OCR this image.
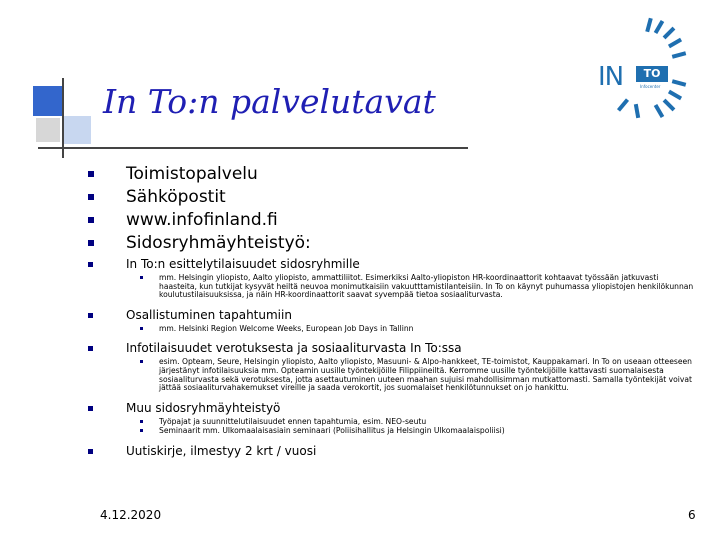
In To:n palvelutavat
IN	TO
Infocenter
Toimistopalvelu
Sähköpostit
www.infofinland.fi
Sidosryhmäyhteistyö:
In To:n esittelytilaisuudet sidosryhmille
mm. Helsingin yliopisto, Aalto yliopisto, ammattiliitot. Esimerkiksi Aalto-yliopiston HR-koordinaattorit kohtaavat työssään jatkuvasti haasteita, kun tutkijat kysyvät heiltä neuvoa monimutkaisiin vakuutttamistilanteisiin. In To on käynyt puhumassa yliopistojen henkilökunnan koulutustilaisuuksissa, ja näin HR-koordinaattorit saavat syvempää tietoa sosiaaliturvasta.
Osallistuminen tapahtumiin
mm. Helsinki Region Welcome Weeks, European Job Days in Tallinn
Infotilaisuudet verotuksesta ja sosiaaliturvasta In To:ssa
esim. Opteam, Seure, Helsingin yliopisto, Aalto yliopisto, Masuuni- & Alpo-hankkeet, TE-toimistot, Kauppakamari. In To on useaan otteeseen järjestänyt infotilaisuuksia mm. Opteamin uusille työntekijöille Filippiineiltä. Kerromme uusille työntekijöille kattavasti suomalaisesta sosiaaliturvasta sekä verotuksesta, jotta asettautuminen uuteen maahan sujuisi mahdollisimman mutkattomasti. Samalla työntekijät voivat jättää sosiaaliturvahakemukset vireille ja saada verokortit, jos suomalaiset henkilötunnukset on jo hankittu.
Muu sidosryhmäyhteistyö
Työpajat ja suunnittelutilaisuudet ennen tapahtumia, esim. NEO-seutu
Seminaarit mm. Ulkomaalaisasiain seminaari (Poliisihallitus ja Helsingin Ulkomaalaispoliisi)
Uutiskirje, ilmestyy 2 krt / vuosi
4.12.2020	6
